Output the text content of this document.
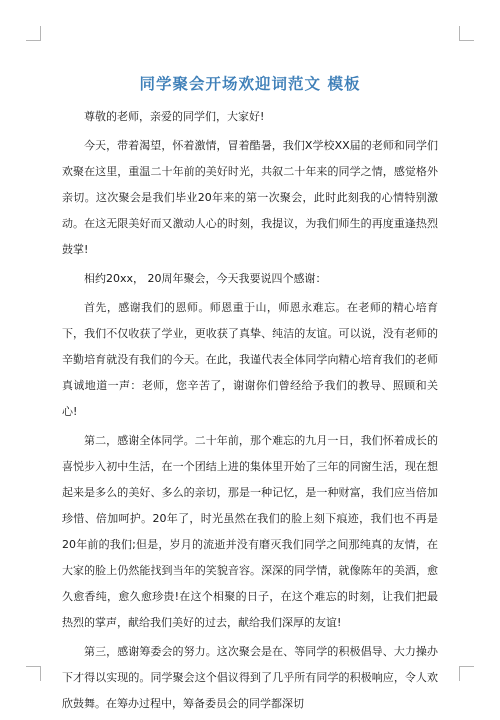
同学聚会开场欢迎词范文 模板

尊敬的老师，亲爱的同学们，大家好!

今天，带着渴望，怀着激情，冒着酷暑，我们X学校XX届的老师和同学们欢聚在这里，重温二十年前的美好时光，共叙二十年来的同学之情，感觉格外亲切。这次聚会是我们毕业20年来的第一次聚会，此时此刻我的心情特别激动。在这无限美好而又激动人心的时刻，我提议，为我们师生的再度重逢热烈鼓掌!

相约20xx， 20周年聚会，今天我要说四个感谢：

首先，感谢我们的恩师。师恩重于山，师恩永难忘。在老师的精心培育下，我们不仅收获了学业，更收获了真挚、纯洁的友谊。可以说，没有老师的辛勤培育就没有我们的今天。在此，我谨代表全体同学向精心培育我们的老师真诚地道一声：老师，您辛苦了，谢谢你们曾经给予我们的教导、照顾和关心!

第二，感谢全体同学。二十年前，那个难忘的九月一日，我们怀着成长的喜悦步入初中生活，在一个团结上进的集体里开始了三年的同窗生活，现在想起来是多么的美好、多么的亲切，那是一种记忆，是一种财富，我们应当倍加珍惜、倍加呵护。20年了，时光虽然在我们的脸上刻下痕迹，我们也不再是20年前的我们;但是，岁月的流逝并没有磨灭我们同学之间那纯真的友情，在大家的脸上仍然能找到当年的笑貌音容。深深的同学情，就像陈年的美酒，愈久愈香纯，愈久愈珍贵!在这个相聚的日子，在这个难忘的时刻，让我们把最热烈的掌声，献给我们美好的过去，献给我们深厚的友谊!

第三，感谢筹委会的努力。这次聚会是在、等同学的积极倡导、大力操办下才得以实现的。同学聚会这个倡议得到了几乎所有同学的积极响应，令人欢欣鼓舞。在筹办过程中，筹备委员会的同学都深切
